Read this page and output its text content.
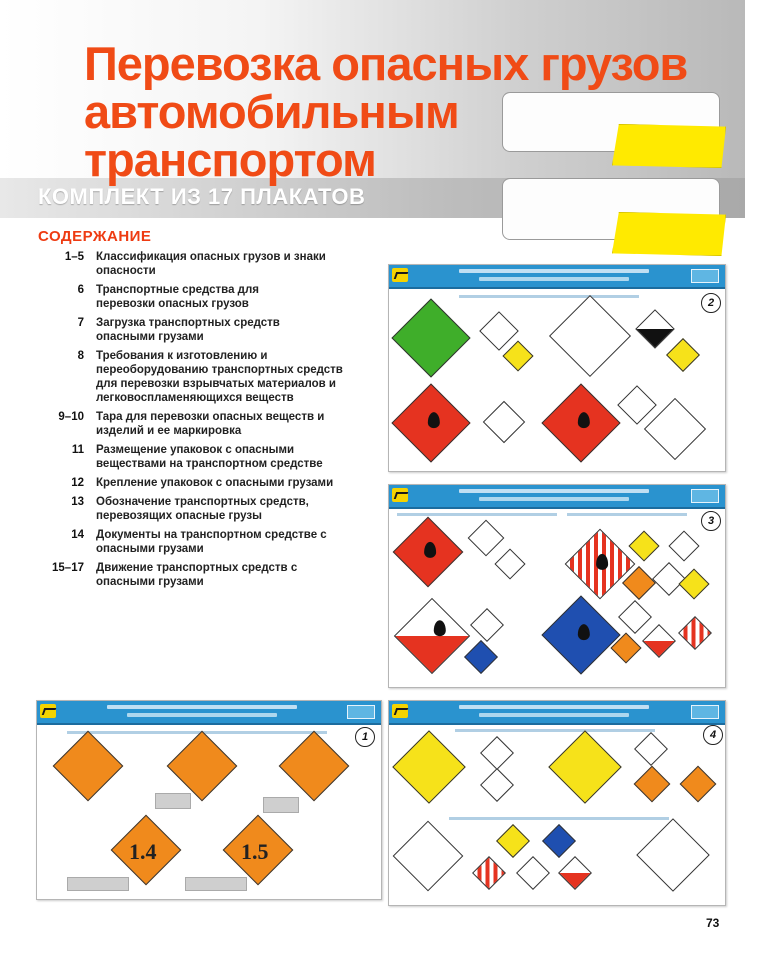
Перевозка опасных грузов
автомобильным
транспортом
КОМПЛЕКТ ИЗ 17 ПЛАКАТОВ
СОДЕРЖАНИЕ
1–5	Классификация опасных грузов и знаки опасности
6	Транспортные средства для перевозки опасных грузов
7	Загрузка транспортных средств опасными грузами
8	Требования к изготовлению и переоборудованию транспортных средств для перевозки взрывчатых материалов и легковоспламеняющихся веществ
9–10	Тара для перевозки опасных веществ и изделий и ее маркировка
11	Размещение упаковок с опасными веществами на транспортном средстве
12	Крепление упаковок с опасными грузами
13	Обозначение транспортных средств, перевозящих опасные грузы
14	Документы на транспортном средстве с опасными грузами
15–17	Движение транспортных средств с опасными грузами
2
3
1
1.4	1.5
4
73
